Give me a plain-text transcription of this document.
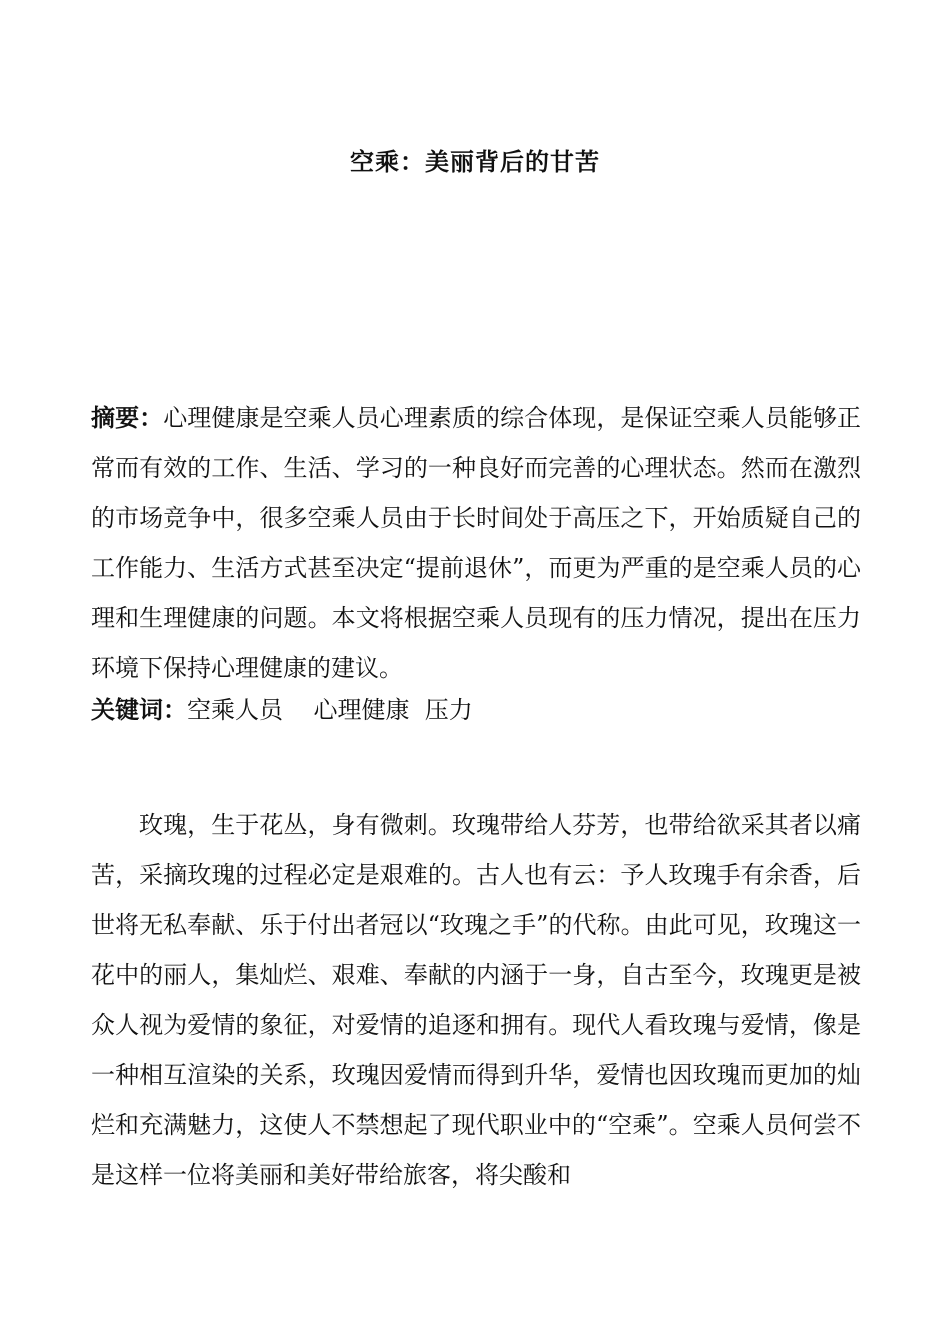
空乘：美丽背后的甘苦
摘要：心理健康是空乘人员心理素质的综合体现，是保证空乘人员能够正常而有效的工作、生活、学习的一种良好而完善的心理状态。然而在激烈的市场竞争中，很多空乘人员由于长时间处于高压之下，开始质疑自己的工作能力、生活方式甚至决定“提前退休”，而更为严重的是空乘人员的心理和生理健康的问题。本文将根据空乘人员现有的压力情况，提出在压力环境下保持心理健康的建议。
关键词：空乘人员    心理健康  压力
玫瑰，生于花丛，身有微刺。玫瑰带给人芬芳，也带给欲采其者以痛苦，采摘玫瑰的过程必定是艰难的。古人也有云：予人玫瑰手有余香，后世将无私奉献、乐于付出者冠以“玫瑰之手”的代称。由此可见，玫瑰这一花中的丽人，集灿烂、艰难、奉献的内涵于一身，自古至今，玫瑰更是被众人视为爱情的象征，对爱情的追逐和拥有。现代人看玫瑰与爱情，像是一种相互渲染的关系，玫瑰因爱情而得到升华，爱情也因玫瑰而更加的灿烂和充满魅力，这使人不禁想起了现代职业中的“空乘”。空乘人员何尝不是这样一位将美丽和美好带给旅客，将尖酸和
